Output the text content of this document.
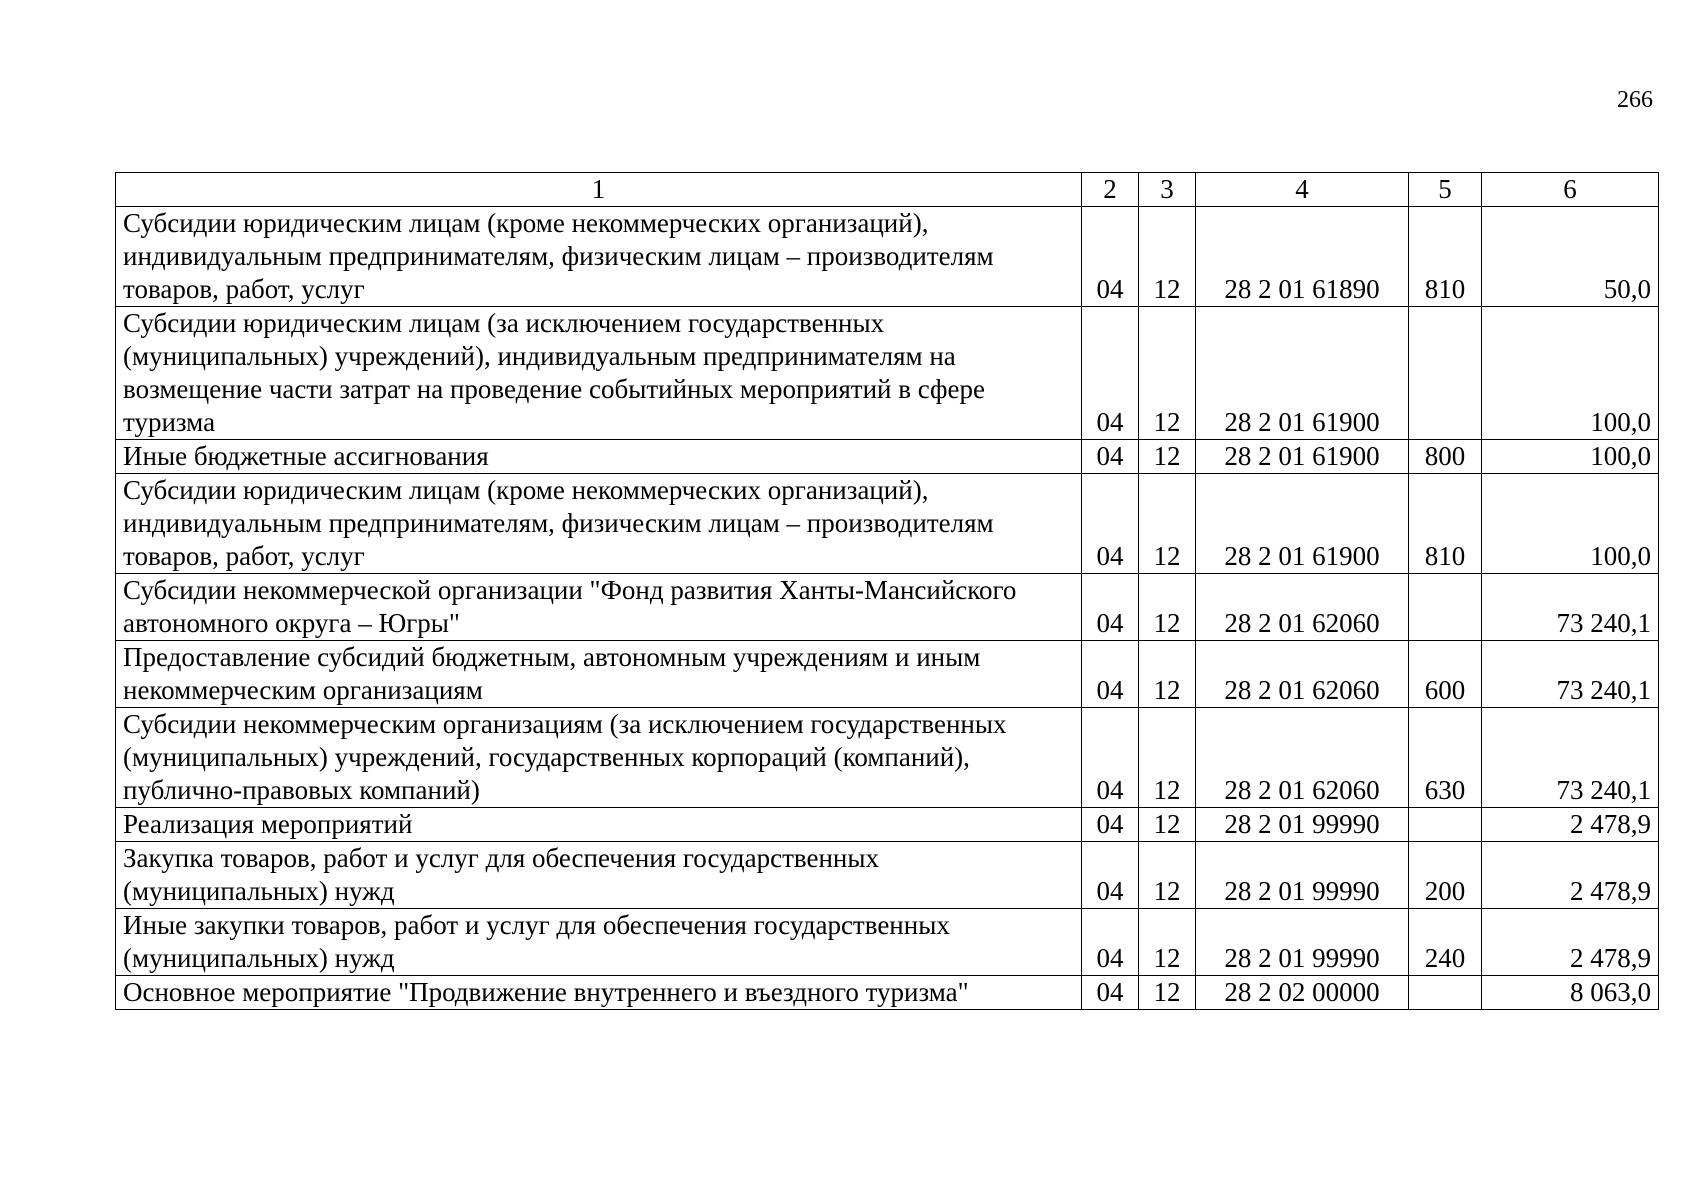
266
1	2	3	4	5	6
Субсидии юридическим лицам (кроме некоммерческих организаций), индивидуальным предпринимателям, физическим лицам – производителям товаров, работ, услуг	04	12	28 2 01 61890	810	50,0
Субсидии юридическим лицам (за исключением государственных (муниципальных) учреждений), индивидуальным предпринимателям на возмещение части затрат на проведение событийных мероприятий в сфере туризма	04	12	28 2 01 61900		100,0
Иные бюджетные ассигнования	04	12	28 2 01 61900	800	100,0
Субсидии юридическим лицам (кроме некоммерческих организаций), индивидуальным предпринимателям, физическим лицам – производителям товаров, работ, услуг	04	12	28 2 01 61900	810	100,0
Субсидии некоммерческой организации "Фонд развития Ханты-Мансийского автономного округа – Югры"	04	12	28 2 01 62060		73 240,1
Предоставление субсидий бюджетным, автономным учреждениям и иным некоммерческим организациям	04	12	28 2 01 62060	600	73 240,1
Субсидии некоммерческим организациям (за исключением государственных (муниципальных) учреждений, государственных корпораций (компаний), публично-правовых компаний)	04	12	28 2 01 62060	630	73 240,1
Реализация мероприятий	04	12	28 2 01 99990		2 478,9
Закупка товаров, работ и услуг для обеспечения государственных (муниципальных) нужд	04	12	28 2 01 99990	200	2 478,9
Иные закупки товаров, работ и услуг для обеспечения государственных (муниципальных) нужд	04	12	28 2 01 99990	240	2 478,9
Основное мероприятие "Продвижение внутреннего и въездного туризма"	04	12	28 2 02 00000		8 063,0
